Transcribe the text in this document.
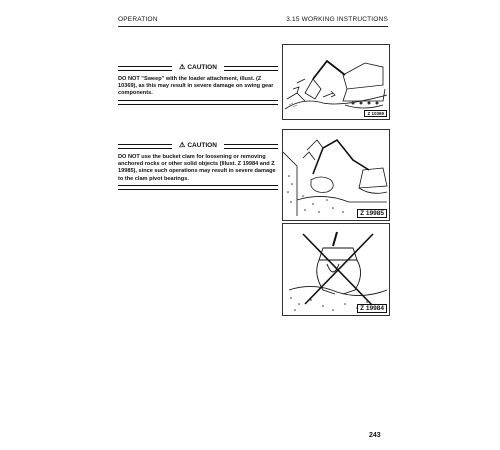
OPERATION	3.15 WORKING INSTRUCTIONS
⚠ CAUTION
DO NOT "Sweep" with the loader attachment, illust. (Z 10369), as this may result in severe damage on swing gear components.
⚠ CAUTION
DO NOT use the bucket clam for loosening or removing anchored rocks or other solid objects (Illust. Z 19984 and Z 19985), since such operations may result in severe damage to the clam pivot bearings.
Z 10369
Z 19985
Z 19984
243
